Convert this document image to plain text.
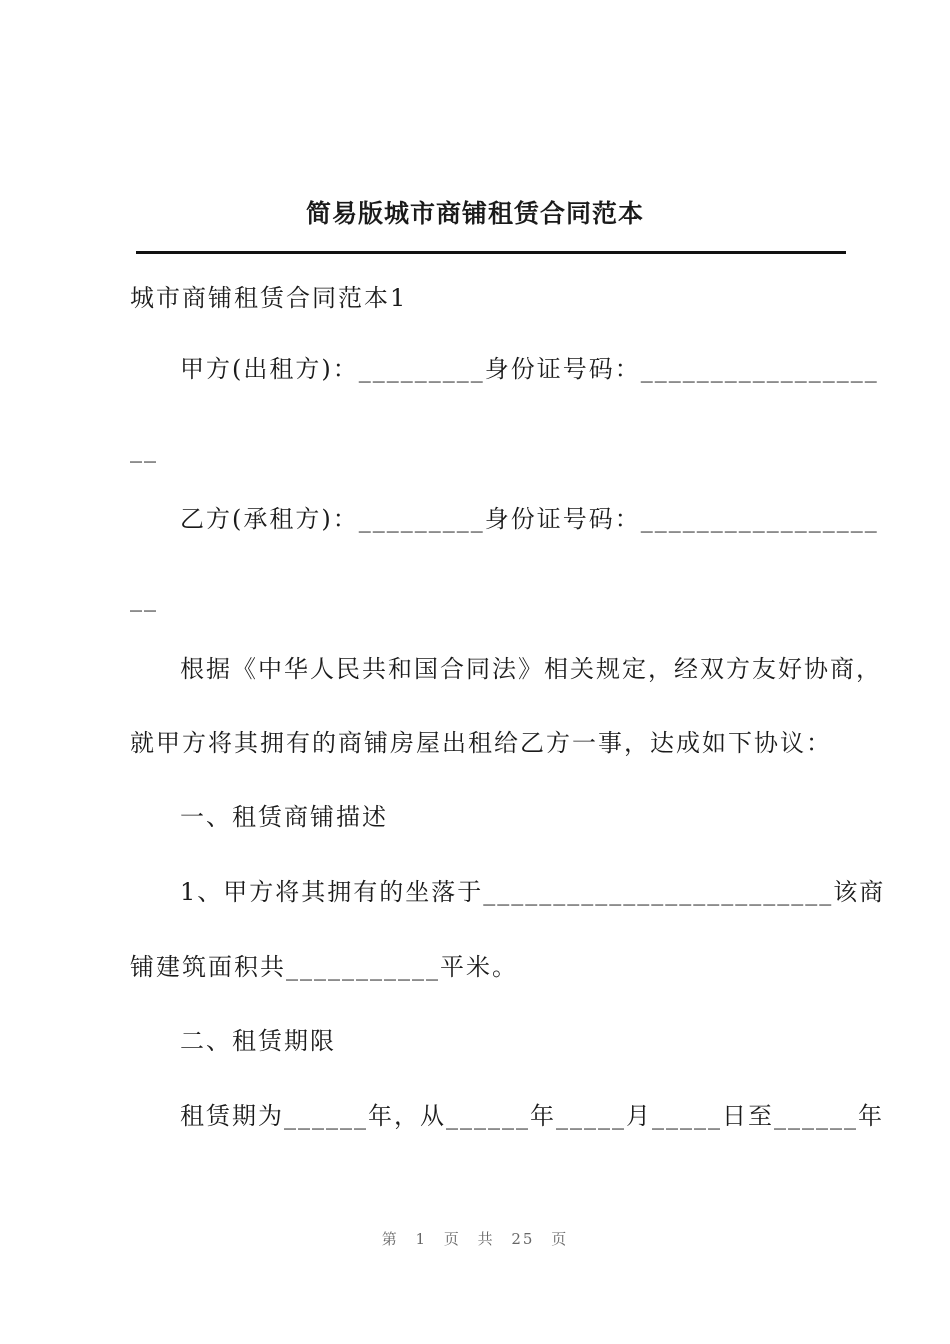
简易版城市商铺租赁合同范本
城市商铺租赁合同范本1
甲方(出租方)：_________身份证号码：_________________
__
乙方(承租方)：_________身份证号码：_________________
__
根据《中华人民共和国合同法》相关规定，经双方友好协商，
就甲方将其拥有的商铺房屋出租给乙方一事，达成如下协议：
一、租赁商铺描述
1、甲方将其拥有的坐落于_________________________该商
铺建筑面积共___________平米。
二、租赁期限
租赁期为______年，从______年_____月_____日至______年
第 1 页 共 25 页
